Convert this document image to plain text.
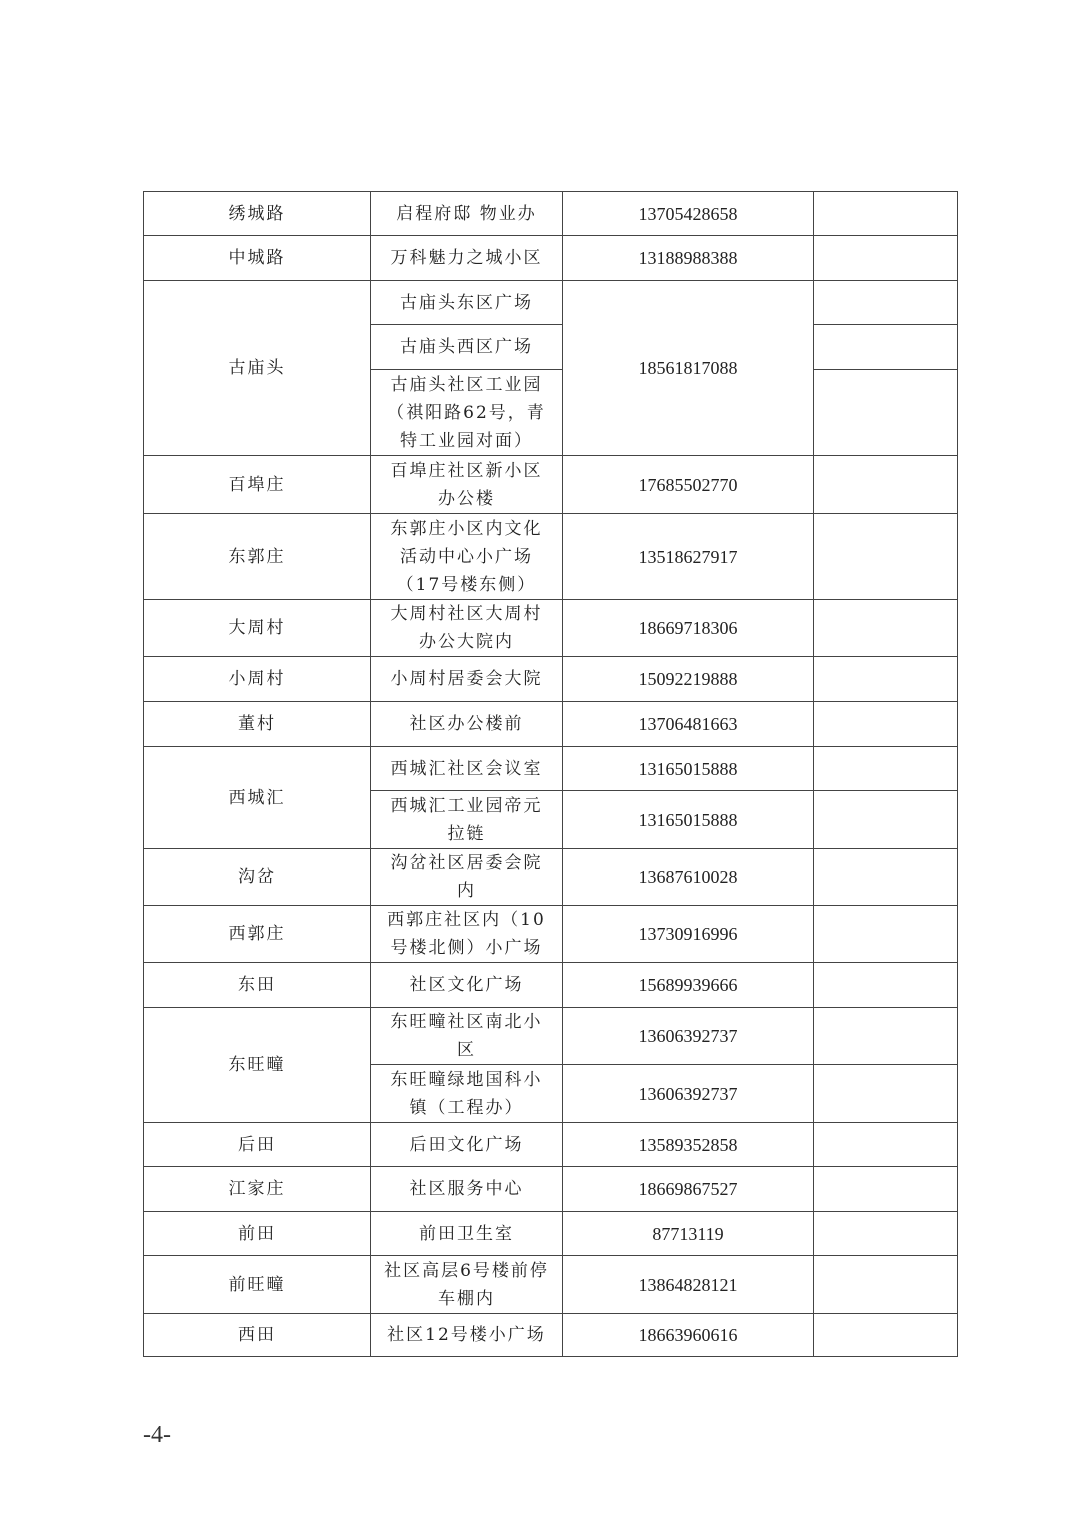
绣城路	启程府邸 物业办	13705428658	
中城路	万科魅力之城小区	13188988388	
古庙头	古庙头东区广场	18561817088	
	古庙头西区广场		
	古庙头社区工业园（祺阳路62号，青特工业园对面）		
百埠庄	百埠庄社区新小区办公楼	17685502770	
东郭庄	东郭庄小区内文化活动中心小广场（17号楼东侧）	13518627917	
大周村	大周村社区大周村办公大院内	18669718306	
小周村	小周村居委会大院	15092219888	
董村	社区办公楼前	13706481663	
西城汇	西城汇社区会议室	13165015888	
	西城汇工业园帝元拉链	13165015888	
沟岔	沟岔社区居委会院内	13687610028	
西郭庄	西郭庄社区内（10号楼北侧）小广场	13730916996	
东田	社区文化广场	15689939666	
东旺疃	东旺疃社区南北小区	13606392737	
	东旺疃绿地国科小镇（工程办）	13606392737	
后田	后田文化广场	13589352858	
江家庄	社区服务中心	18669867527	
前田	前田卫生室	87713119	
前旺疃	社区高层6号楼前停车棚内	13864828121	
西田	社区12号楼小广场	18663960616	
-4-
